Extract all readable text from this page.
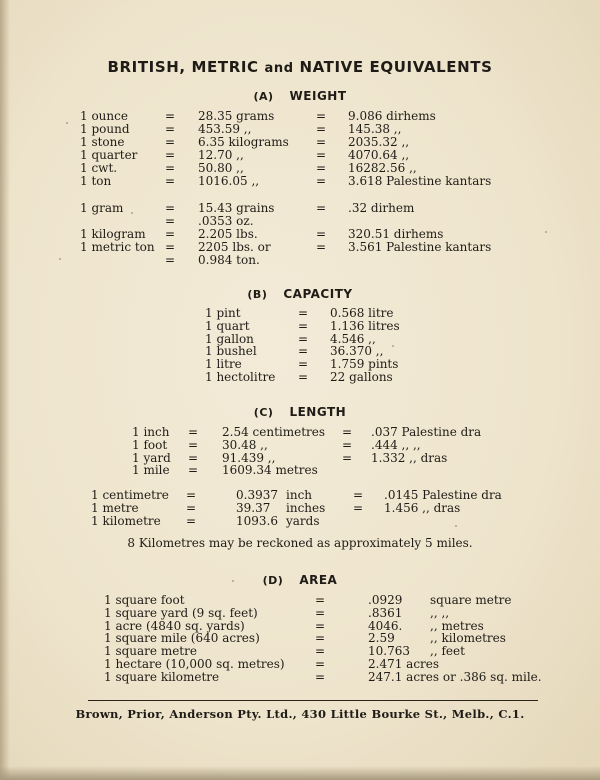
BRITISH, METRIC and NATIVE EQUIVALENTS
(A) WEIGHT
1 ounce	= 28.35 grams	= 9.086 dirhems
1 pound	= 453.59 ,,	= 145.38 ,,
1 stone	= 6.35 kilograms = 2035.32 ,,
1 quarter = 12.70 ,,	= 4070.64 ,,
1 cwt.	= 50.80 ,,	= 16282.56 ,,
1 ton	= 1016.05 ,,	= 3.618 Palestine kantars
1 gram	= 15.43 grains	= .32 dirhem
= .0353 oz.
1 kilogram = 2.205 lbs.	= 320.51 dirhems
1 metric ton = 2205 lbs. or	= 3.561 Palestine kantars
= 0.984 ton.
(B) CAPACITY
1 pint	= 0.568 litre
1 quart	= 1.136 litres
1 gallon	= 4.546 ,,
1 bushel	= 36.370 ,,
1 litre	= 1.759 pints
1 hectolitre = 22 gallons
(C) LENGTH
1 inch = 2.54 centimetres = .037 Palestine dra
1 foot = 30.48 ,,	= .444 ,, ,,
1 yard = 91.439 ,,	= 1.332 ,, dras
1 mile = 1609.34 metres
1 centimetre =	0.3937 inch	= .0145 Palestine dra
1 metre	=	39.37 inches = 1.456 ,, dras
1 kilometre =	1093.6 yards
8 Kilometres may be reckoned as approximately 5 miles.
(D) AREA
1 square foot	=	.0929 square metre
1 square yard (9 sq. feet)	=	.8361 ,, ,,
1 acre (4840 sq. yards)	=	4046. ,, metres
1 square mile (640 acres)	=	2.59	,, kilometres
1 square metre	=	10.763 ,, feet
1 hectare (10,000 sq. metres)	=	2.471 acres
1 square kilometre	=	247.1 acres or .386 sq. mile.
Brown, Prior, Anderson Pty. Ltd., 430 Little Bourke St., Melb., C.1.
